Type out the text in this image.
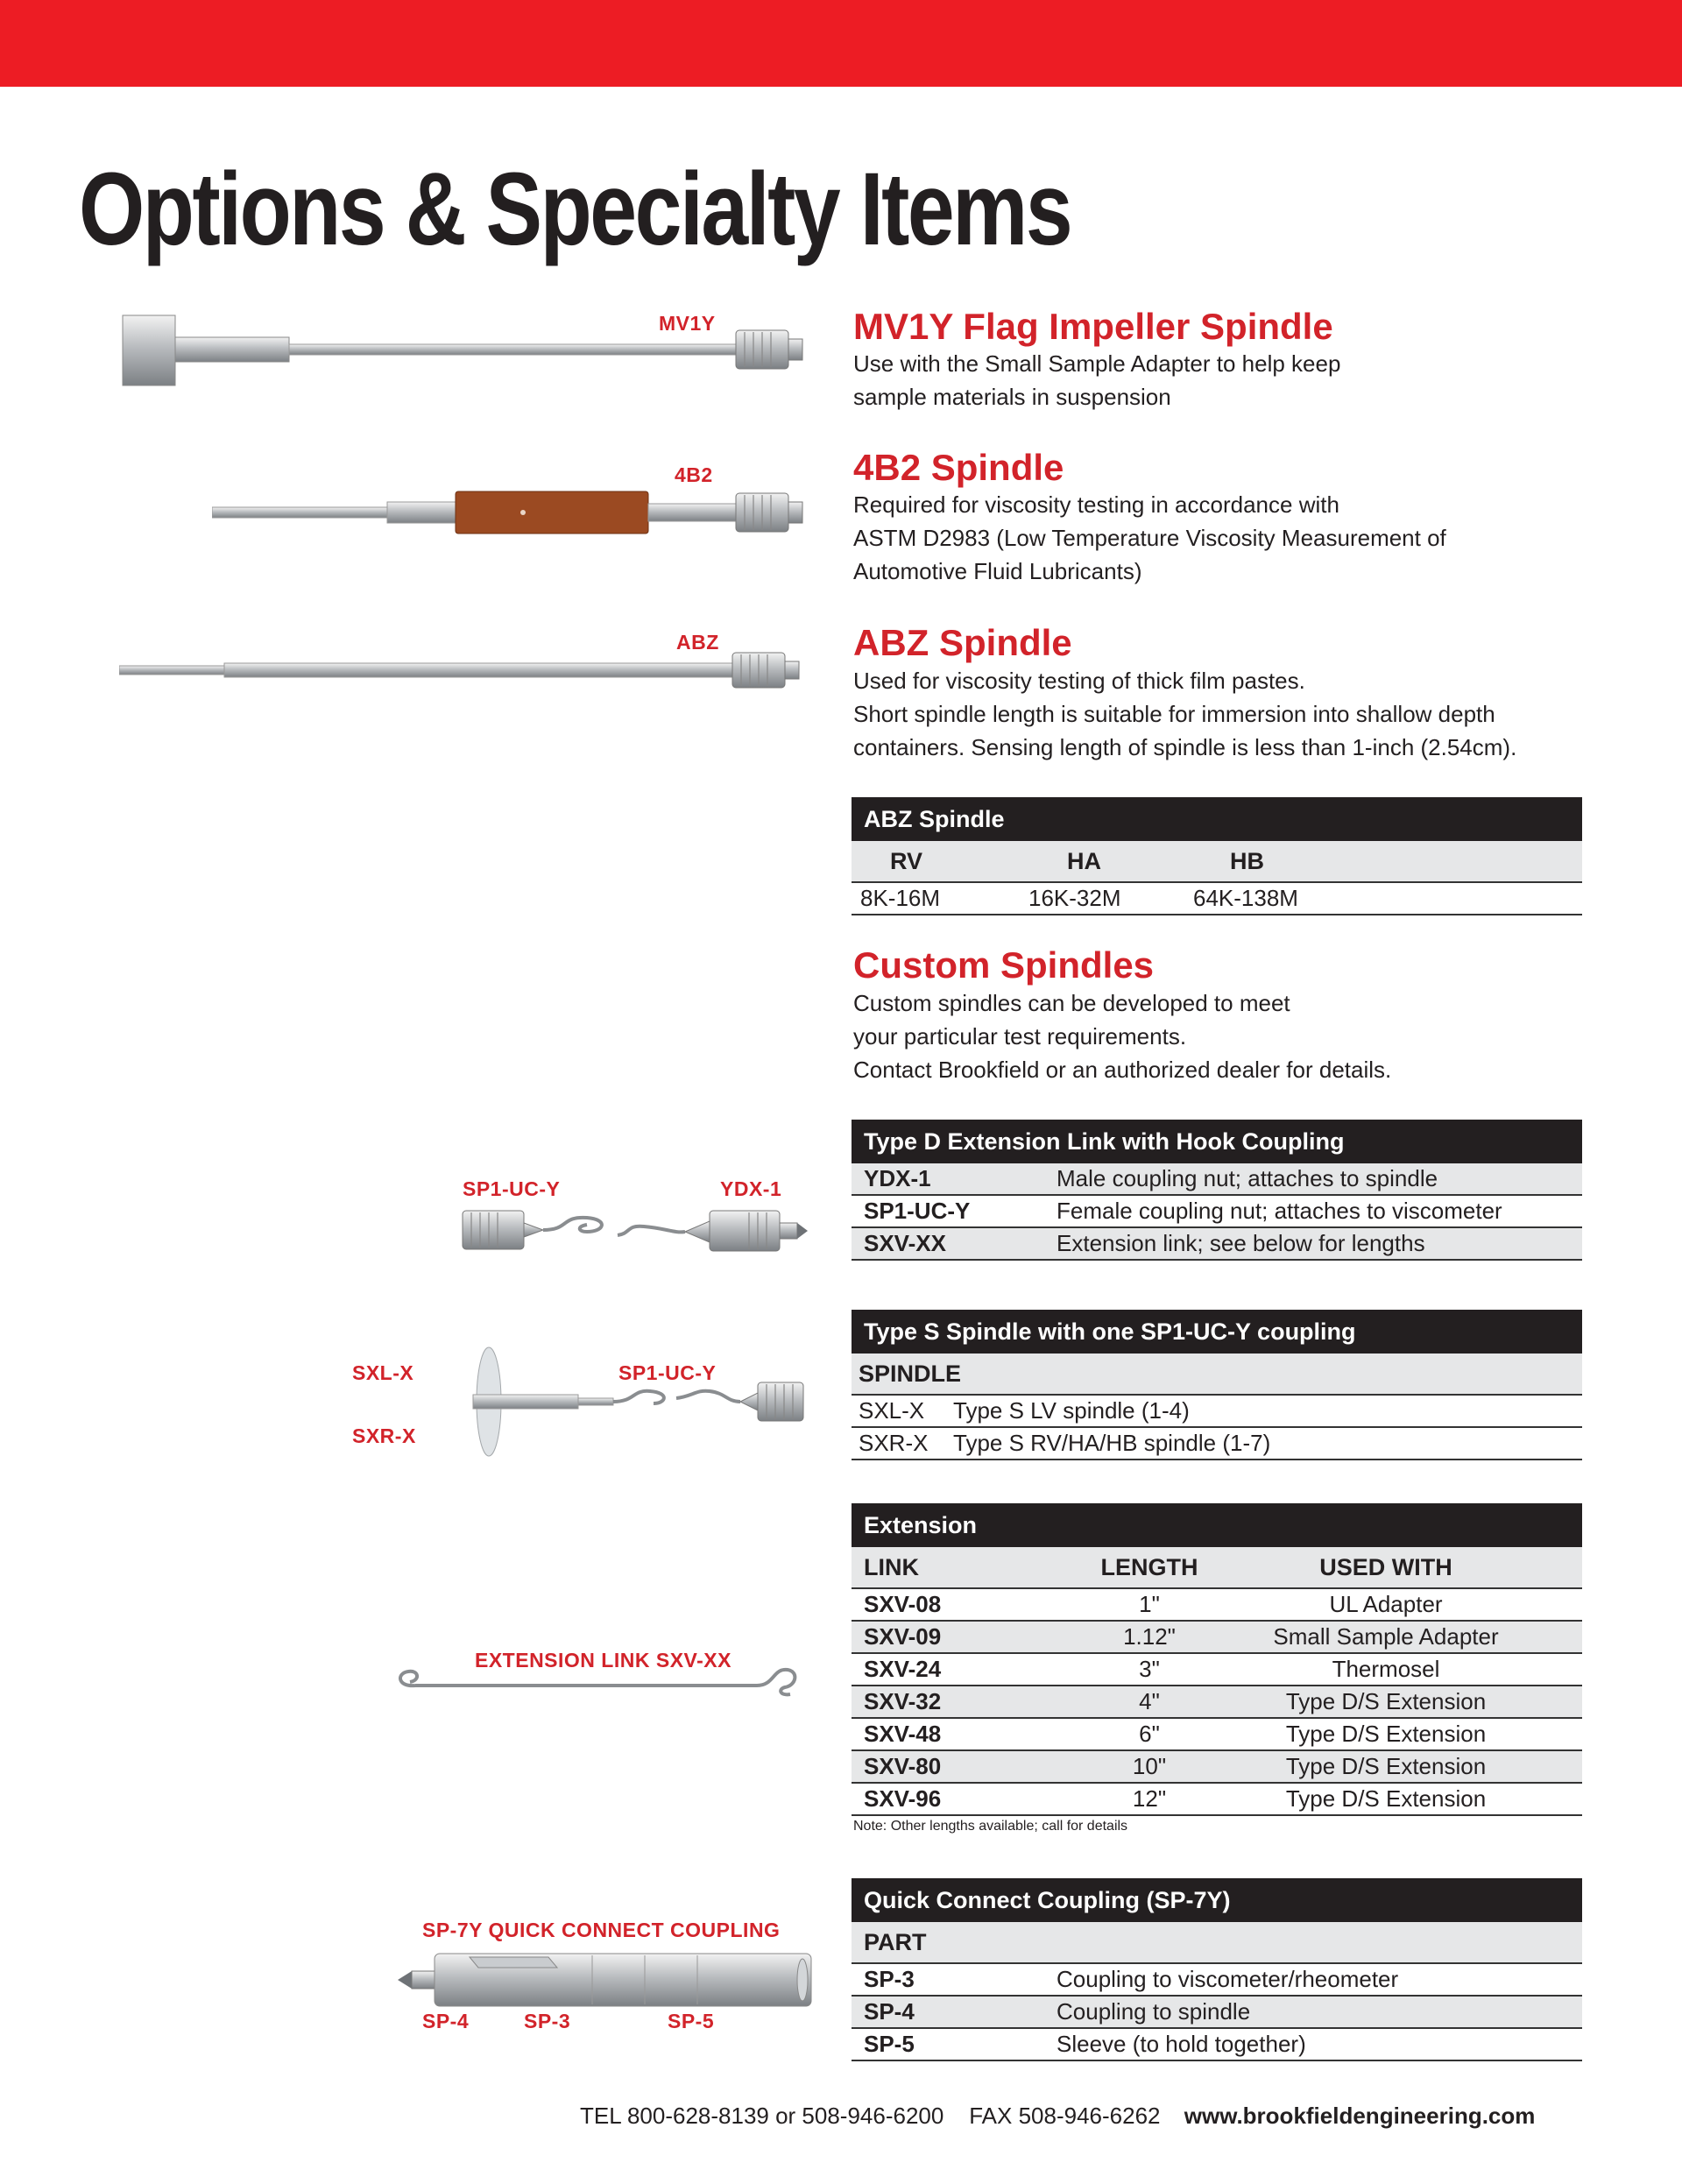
Options & Specialty Items
MV1Y
4B2
ABZ
SP1-UC-Y	YDX-1
SXL-X
SXR-X
SP1-UC-Y
EXTENSION LINK SXV-XX
SP-7Y QUICK CONNECT COUPLING
SP-4	SP-3	SP-5
MV1Y Flag Impeller Spindle
Use with the Small Sample Adapter to help keep
sample materials in suspension
4B2 Spindle
Required for viscosity testing in accordance with
ASTM D2983 (Low Temperature Viscosity Measurement of
Automotive Fluid Lubricants)
ABZ Spindle
Used for viscosity testing of thick film pastes.
Short spindle length is suitable for immersion into shallow depth
containers. Sensing length of spindle is less than 1-inch (2.54cm).
ABZ Spindle
RV	HA	HB
8K-16M	16K-32M	64K-138M
Custom Spindles
Custom spindles can be developed to meet
your particular test requirements.
Contact Brookfield or an authorized dealer for details.
Type D Extension Link with Hook Coupling
YDX-1	Male coupling nut; attaches to spindle
SP1-UC-Y	Female coupling nut; attaches to viscometer
SXV-XX	Extension link; see below for lengths
Type S Spindle with one SP1-UC-Y coupling
SPINDLE
SXL-X	Type S LV spindle (1-4)
SXR-X	Type S RV/HA/HB spindle (1-7)
Extension
LINK	LENGTH	USED WITH
SXV-08	1"	UL Adapter
SXV-09	1.12"	Small Sample Adapter
SXV-24	3"	Thermosel
SXV-32	4"	Type D/S Extension
SXV-48	6"	Type D/S Extension
SXV-80	10"	Type D/S Extension
SXV-96	12"	Type D/S Extension
Note: Other lengths available; call for details
Quick Connect Coupling (SP-7Y)
PART
SP-3	Coupling to viscometer/rheometer
SP-4	Coupling to spindle
SP-5	Sleeve (to hold together)
TEL 800-628-8139 or 508-946-6200    FAX 508-946-6262 www.brookfieldengineering.com
